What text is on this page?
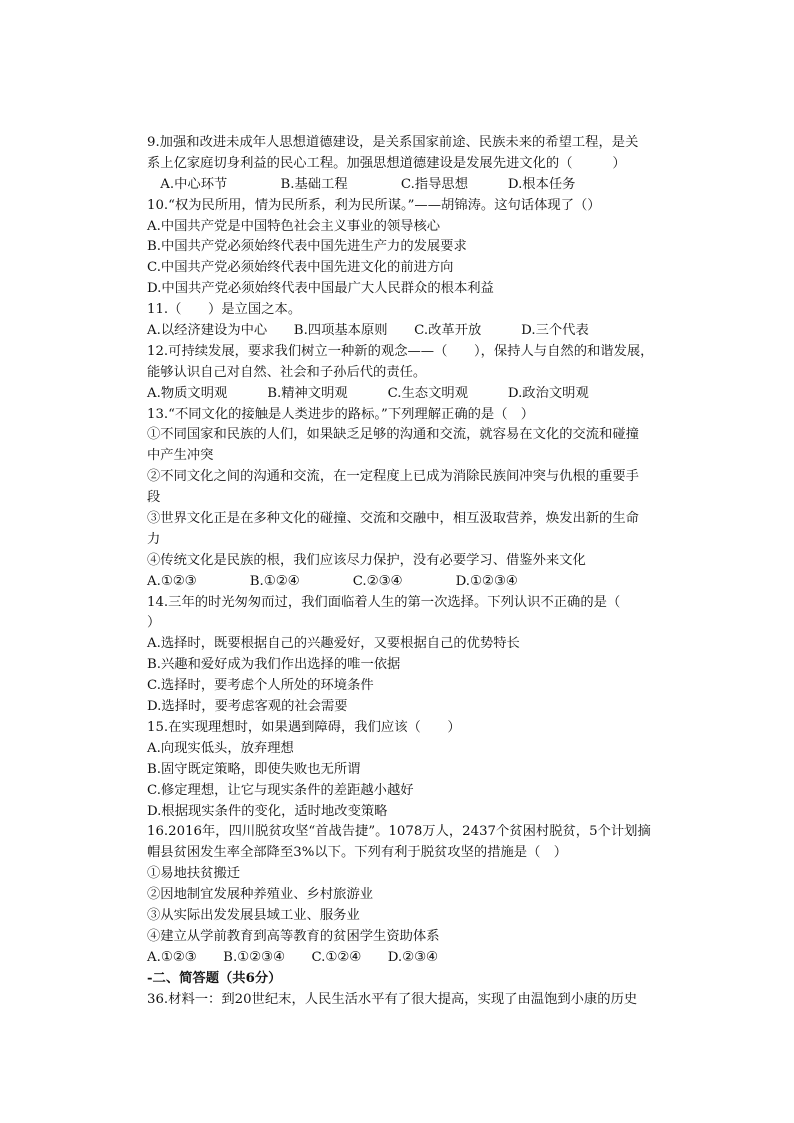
9.加强和改进未成年人思想道德建设，是关系国家前途、民族未来的希望工程，是关
系上亿家庭切身利益的民心工程。加强思想道德建设是发展先进文化的（　　　）
　A.中心环节　　　　B.基础工程　　　　C.指导思想　　　D.根本任务
10.“权为民所用，情为民所系，利为民所谋。”——胡锦涛。这句话体现了（）
A.中国共产党是中国特色社会主义事业的领导核心
B.中国共产党必须始终代表中国先进生产力的发展要求
C.中国共产党必须始终代表中国先进文化的前进方向
D.中国共产党必须始终代表中国最广大人民群众的根本利益
11.（　　）是立国之本。
A.以经济建设为中心　　B.四项基本原则　　C.改革开放　　　D.三个代表
12.可持续发展，要求我们树立一种新的观念——（　　），保持人与自然的和谐发展，
能够认识自己对自然、社会和子孙后代的责任。
A.物质文明观　　　B.精神文明观　　　C.生态文明观　　　D.政治文明观
13.“不同文化的接触是人类进步的路标。”下列理解正确的是（　）
①不同国家和民族的人们，如果缺乏足够的沟通和交流，就容易在文化的交流和碰撞
中产生冲突
②不同文化之间的沟通和交流，在一定程度上已成为消除民族间冲突与仇根的重要手
段
③世界文化正是在多种文化的碰撞、交流和交融中，相互汲取营养，焕发出新的生命
力
④传统文化是民族的根，我们应该尽力保护，没有必要学习、借鉴外来文化
A.①②③　　　　B.①②④　　　　C.②③④　　　　D.①②③④
14.三年的时光匆匆而过，我们面临着人生的第一次选择。下列认识不正确的是（
）
A.选择时，既要根据自己的兴趣爱好，又要根据自己的优势特长
B.兴趣和爱好成为我们作出选择的唯一依据
C.选择时，要考虑个人所处的环境条件
D.选择时，要考虑客观的社会需要
15.在实现理想时，如果遇到障碍，我们应该（　　）
A.向现实低头，放弃理想
B.固守既定策略，即使失败也无所谓
C.修定理想，让它与现实条件的差距越小越好
D.根据现实条件的变化，适时地改变策略
16.2016年，四川脱贫攻坚“首战告捷”。1078万人，2437个贫困村脱贫，5个计划摘
帽县贫困发生率全部降至3%以下。下列有利于脱贫攻坚的措施是（　）
①易地扶贫搬迁
②因地制宜发展种养殖业、乡村旅游业
③从实际出发发展县域工业、服务业
④建立从学前教育到高等教育的贫困学生资助体系
A.①②③　　B.①②③④　　C.①②④　　D.②③④
-二、简答题（共6分）
36.材料一：到20世纪末，人民生活水平有了很大提高，实现了由温饱到小康的历史
